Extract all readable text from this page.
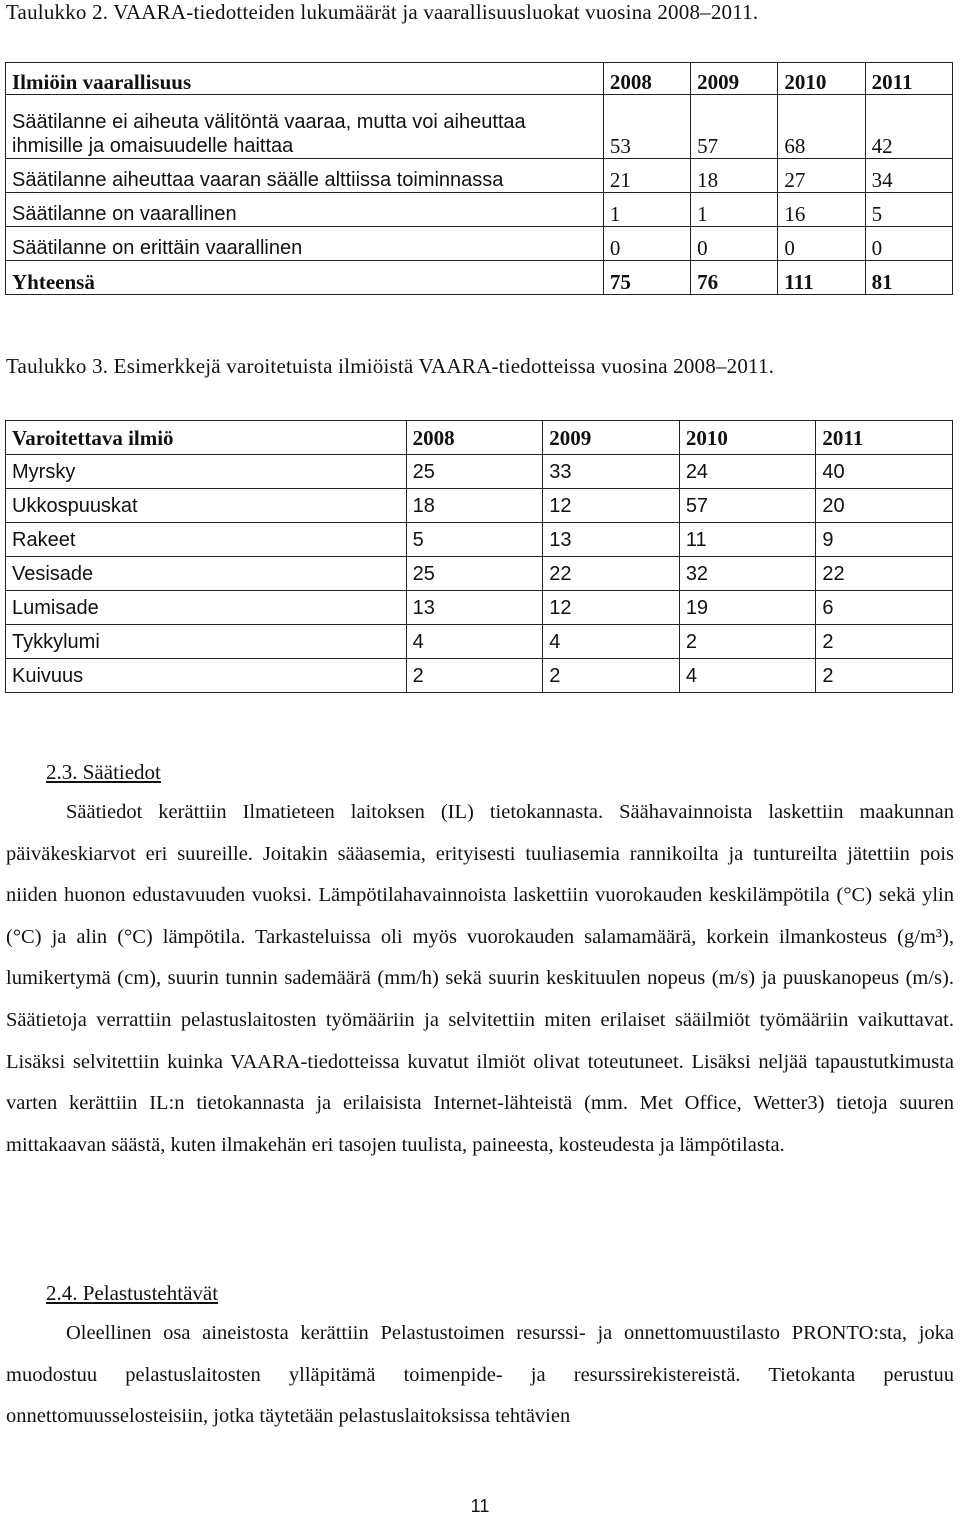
Taulukko 2. VAARA-tiedotteiden lukumäärät ja vaarallisuusluokat vuosina 2008–2011.
Ilmiöin vaarallisuus	2008	2009	2010	2011
Säätilanne ei aiheuta välitöntä vaaraa, mutta voi aiheuttaa ihmisille ja omaisuudelle haittaa	53	57	68	42
Säätilanne aiheuttaa vaaran säälle alttiissa toiminnassa	21	18	27	34
Säätilanne on vaarallinen	1	1	16	5
Säätilanne on erittäin vaarallinen	0	0	0	0
Yhteensä	75	76	111	81
Taulukko 3. Esimerkkejä varoitetuista ilmiöistä VAARA-tiedotteissa vuosina 2008–2011.
Varoitettava ilmiö	2008	2009	2010	2011
Myrsky	25	33	24	40
Ukkospuuskat	18	12	57	20
Rakeet	5	13	11	9
Vesisade	25	22	32	22
Lumisade	13	12	19	6
Tykkylumi	4	4	2	2
Kuivuus	2	2	4	2
2.3. Säätiedot
Säätiedot kerättiin Ilmatieteen laitoksen (IL) tietokannasta. Säähavainnoista laskettiin maakunnan päiväkeskiarvot eri suureille. Joitakin sääasemia, erityisesti tuuliasemia rannikoilta ja tuntureilta jätettiin pois niiden huonon edustavuuden vuoksi. Lämpötilahavainnoista laskettiin vuorokauden keskilämpötila (°C) sekä ylin (°C) ja alin (°C) lämpötila. Tarkasteluissa oli myös vuorokauden salamamäärä, korkein ilmankosteus (g/m³), lumikertymä (cm), suurin tunnin sademäärä (mm/h) sekä suurin keskituulen nopeus (m/s) ja puuskanopeus (m/s). Säätietoja verrattiin pelastuslaitosten työmääriin ja selvitettiin miten erilaiset sääilmiöt työmääriin vaikuttavat. Lisäksi selvitettiin kuinka VAARA-tiedotteissa kuvatut ilmiöt olivat toteutuneet. Lisäksi neljää tapaustutkimusta varten kerättiin IL:n tietokannasta ja erilaisista Internet-lähteistä (mm. Met Office, Wetter3) tietoja suuren mittakaavan säästä, kuten ilmakehän eri tasojen tuulista, paineesta, kosteudesta ja lämpötilasta.
2.4. Pelastustehtävät
Oleellinen osa aineistosta kerättiin Pelastustoimen resurssi- ja onnettomuustilasto PRONTO:sta, joka muodostuu pelastuslaitosten ylläpitämä toimenpide- ja resurssirekistereistä. Tietokanta perustuu onnettomuusselosteisiin, jotka täytetään pelastuslaitoksissa tehtävien
11
